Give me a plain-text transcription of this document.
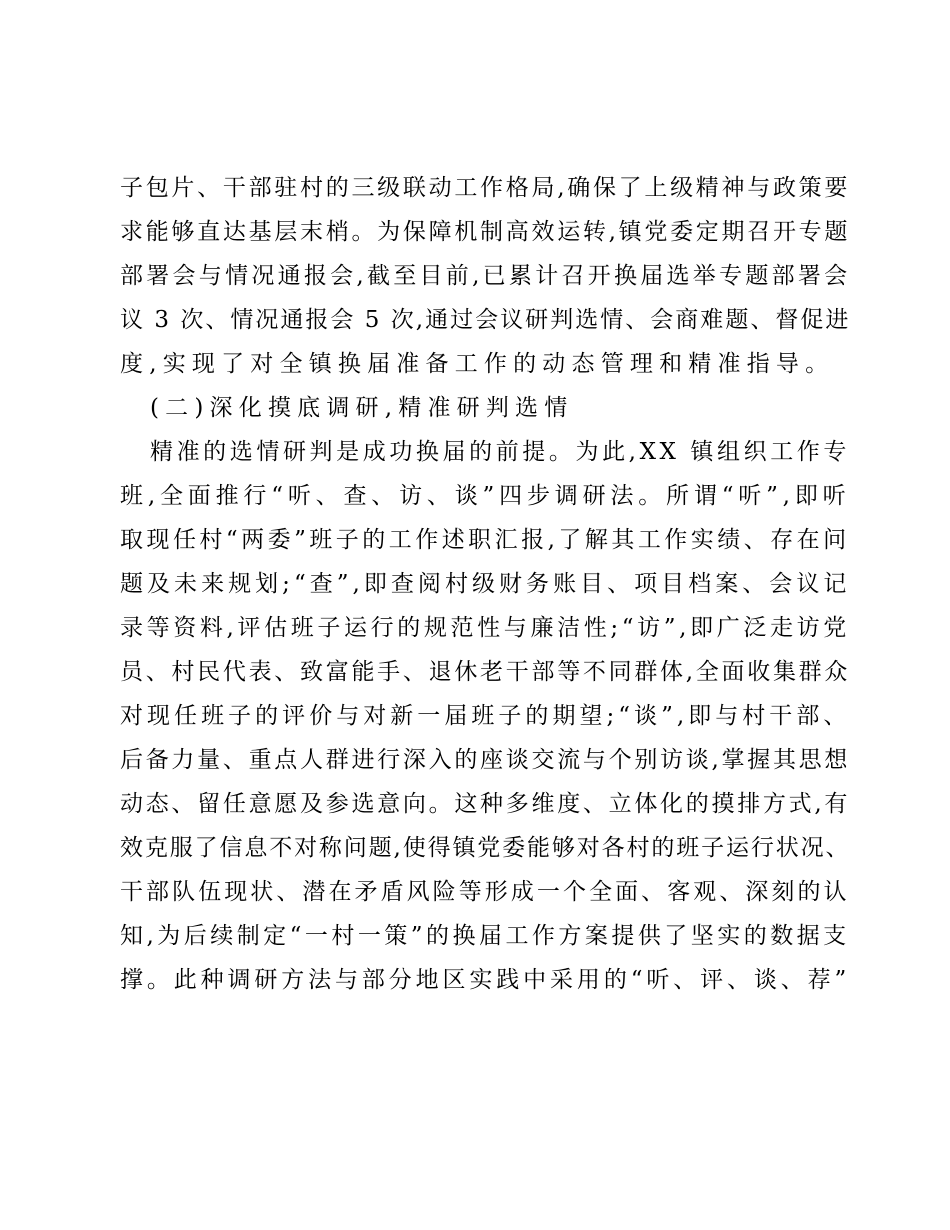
子包片、干部驻村的三级联动工作格局,确保了上级精神与政策要
求能够直达基层末梢。为保障机制高效运转,镇党委定期召开专题
部署会与情况通报会,截至目前,已累计召开换届选举专题部署会
议 3 次、情况通报会 5 次,通过会议研判选情、会商难题、督促进
度,实现了对全镇换届准备工作的动态管理和精准指导。
(二)深化摸底调研,精准研判选情
精准的选情研判是成功换届的前提。为此,XX 镇组织工作专
班,全面推行“听、查、访、谈”四步调研法。所谓“听”,即听
取现任村“两委”班子的工作述职汇报,了解其工作实绩、存在问
题及未来规划;“查”,即查阅村级财务账目、项目档案、会议记
录等资料,评估班子运行的规范性与廉洁性;“访”,即广泛走访党
员、村民代表、致富能手、退休老干部等不同群体,全面收集群众
对现任班子的评价与对新一届班子的期望;“谈”,即与村干部、
后备力量、重点人群进行深入的座谈交流与个别访谈,掌握其思想
动态、留任意愿及参选意向。这种多维度、立体化的摸排方式,有
效克服了信息不对称问题,使得镇党委能够对各村的班子运行状况、
干部队伍现状、潜在矛盾风险等形成一个全面、客观、深刻的认
知,为后续制定“一村一策”的换届工作方案提供了坚实的数据支
撑。此种调研方法与部分地区实践中采用的“听、评、谈、荐”
